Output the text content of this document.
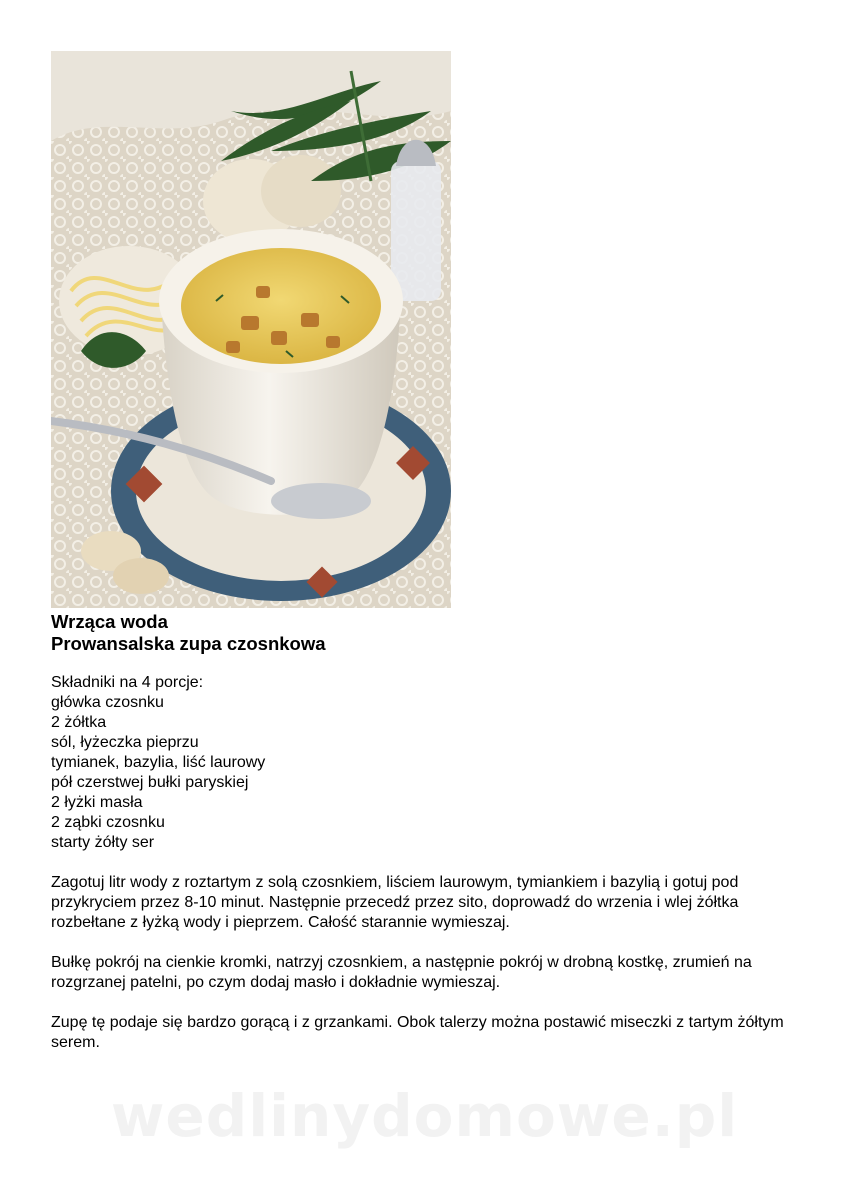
Wrząca woda
Prowansalska zupa czosnkowa
Składniki na 4 porcje:
główka czosnku
2 żółtka
sól, łyżeczka pieprzu
tymianek, bazylia, liść laurowy
pół czerstwej bułki paryskiej
2 łyżki masła
2 ząbki czosnku
starty żółty ser

Zagotuj litr wody z roztartym z solą czosnkiem, liściem laurowym, tymiankiem i bazylią i gotuj pod przykryciem przez 8-10 minut. Następnie przecedź przez sito, doprowadź do wrzenia i wlej żółtka rozbełtane z łyżką wody i pieprzem. Całość starannie wymieszaj.

Bułkę pokrój na cienkie kromki, natrzyj czosnkiem, a następnie pokrój w drobną kostkę, zrumień na rozgrzanej patelni, po czym dodaj masło i dokładnie wymieszaj.

Zupę tę podaje się bardzo gorącą i z grzankami. Obok talerzy można postawić miseczki z tartym żółtym serem.

wedlinydomowe.pl
